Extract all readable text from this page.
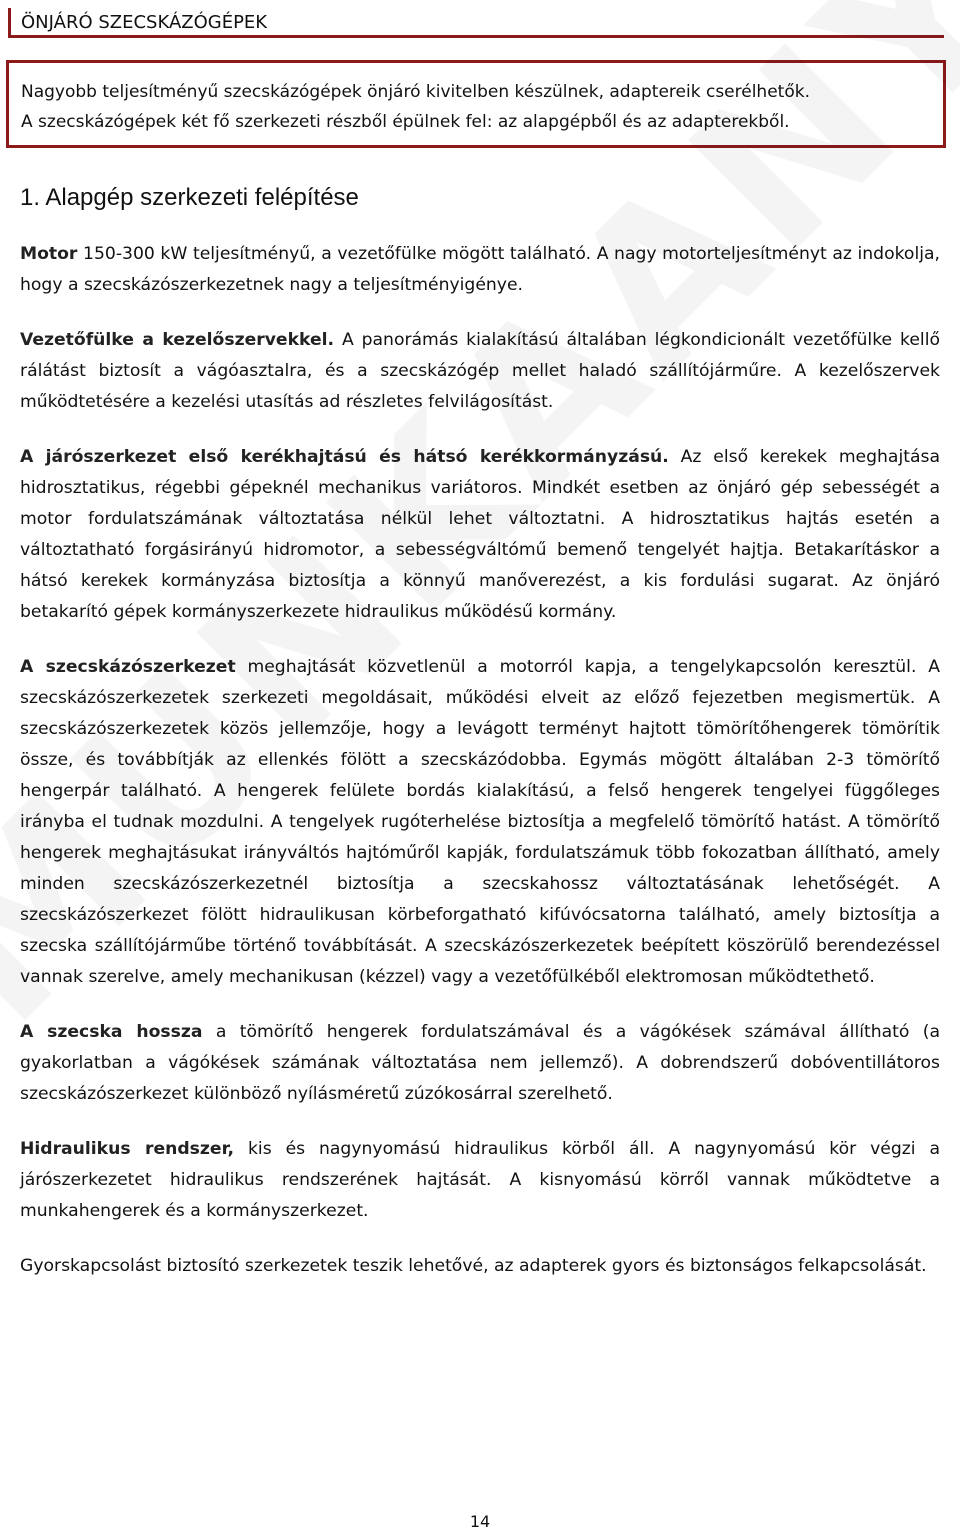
ÖNJÁRÓ SZECSKÁZÓGÉPEK

Nagyobb teljesítményű szecskázógépek önjáró kivitelben készülnek, adaptereik cserélhetők.

A szecskázógépek két fő szerkezeti részből épülnek fel: az alapgépből és az adapterekből.

1. Alapgép szerkezeti felépítése

Motor 150-300 kW teljesítményű, a vezetőfülke mögött található. A nagy motorteljesítményt az indokolja, hogy a szecskázószerkezetnek nagy a teljesítményigénye.

Vezetőfülke a kezelőszervekkel. A panorámás kialakítású általában légkondicionált vezetőfülke kellő rálátást biztosít a vágóasztalra, és a szecskázógép mellet haladó szállítójárműre. A kezelőszervek működtetésére a kezelési utasítás ad részletes felvilágosítást.

A járószerkezet első kerékhajtású és hátsó kerékkormányzású. Az első kerekek meghajtása hidrosztatikus, régebbi gépeknél mechanikus variátoros. Mindkét esetben az önjáró gép sebességét a motor fordulatszámának változtatása nélkül lehet változtatni. A hidrosztatikus hajtás esetén a változtatható forgásirányú hidromotor, a sebességváltómű bemenő tengelyét hajtja. Betakarításkor a hátsó kerekek kormányzása biztosítja a könnyű manőverezést, a kis fordulási sugarat. Az önjáró betakarító gépek kormányszerkezete hidraulikus működésű kormány.

A szecskázószerkezet meghajtását közvetlenül a motorról kapja, a tengelykapcsolón keresztül. A szecskázószerkezetek szerkezeti megoldásait, működési elveit az előző fejezetben megismertük. A szecskázószerkezetek közös jellemzője, hogy a levágott terményt hajtott tömörítőhengerek tömörítik össze, és továbbítják az ellenkés fölött a szecskázódobba. Egymás mögött általában 2-3 tömörítő hengerpár található. A hengerek felülete bordás kialakítású, a felső hengerek tengelyei függőleges irányba el tudnak mozdulni. A tengelyek rugóterhelése biztosítja a megfelelő tömörítő hatást. A tömörítő hengerek meghajtásukat irányváltós hajtóműről kapják, fordulatszámuk több fokozatban állítható, amely minden szecskázószerkezetnél biztosítja a szecskahossz változtatásának lehetőségét. A szecskázószerkezet fölött hidraulikusan körbeforgatható kifúvócsatorna található, amely biztosítja a szecska szállítójárműbe történő továbbítását. A szecskázószerkezetek beépített köszörülő berendezéssel vannak szerelve, amely mechanikusan (kézzel) vagy a vezetőfülkéből elektromosan működtethető.

A szecska hossza a tömörítő hengerek fordulatszámával és a vágókések számával állítható (a gyakorlatban a vágókések számának változtatása nem jellemző). A dobrendszerű dobóventillátoros szecskázószerkezet különböző nyílásméretű zúzókosárral szerelhető.

Hidraulikus rendszer, kis és nagynyomású hidraulikus körből áll. A nagynyomású kör végzi a járószerkezetet hidraulikus rendszerének hajtását. A kisnyomású körről vannak működtetve a munkahengerek és a kormányszerkezet.

Gyorskapcsolást biztosító szerkezetek teszik lehetővé, az adapterek gyors és biztonságos felkapcsolását.

14
